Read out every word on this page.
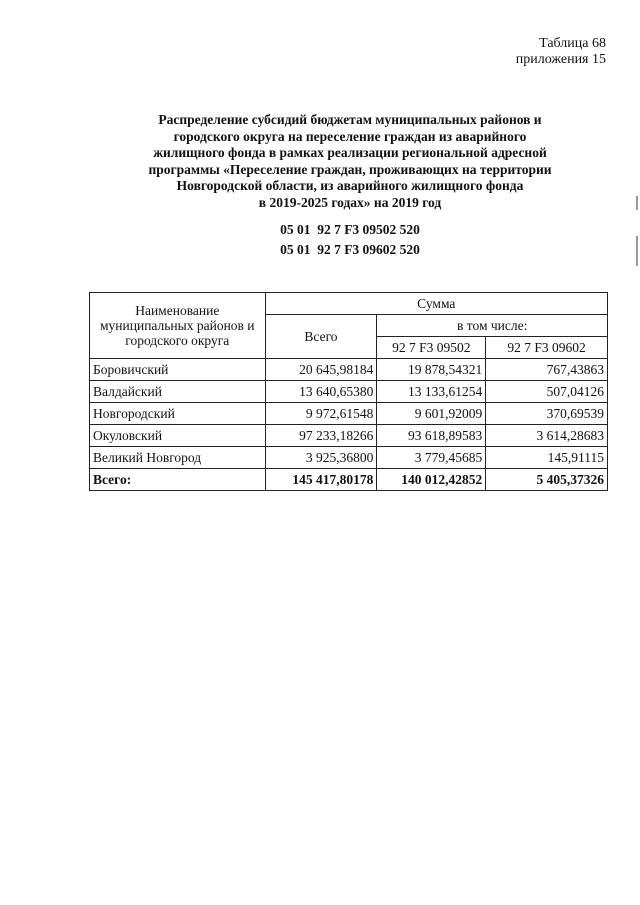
Таблица 68
приложения 15
Распределение субсидий бюджетам муниципальных районов и
городского округа на переселение граждан из аварийного
жилищного фонда в рамках реализации региональной адресной
программы «Переселение граждан, проживающих на территории
Новгородской области, из аварийного жилищного фонда
в 2019-2025 годах» на 2019 год
05 01  92 7 F3 09502 520
05 01  92 7 F3 09602 520
Наименование муниципальных районов и городского округа	Сумма		
	Всего	в том числе:	
		92 7 F3 09502	92 7 F3 09602
Боровичский	20 645,98184	19 878,54321	767,43863
Валдайский	13 640,65380	13 133,61254	507,04126
Новгородский	9 972,61548	9 601,92009	370,69539
Окуловский	97 233,18266	93 618,89583	3 614,28683
Великий Новгород	3 925,36800	3 779,45685	145,91115
Всего:	145 417,80178	140 012,42852	5 405,37326
